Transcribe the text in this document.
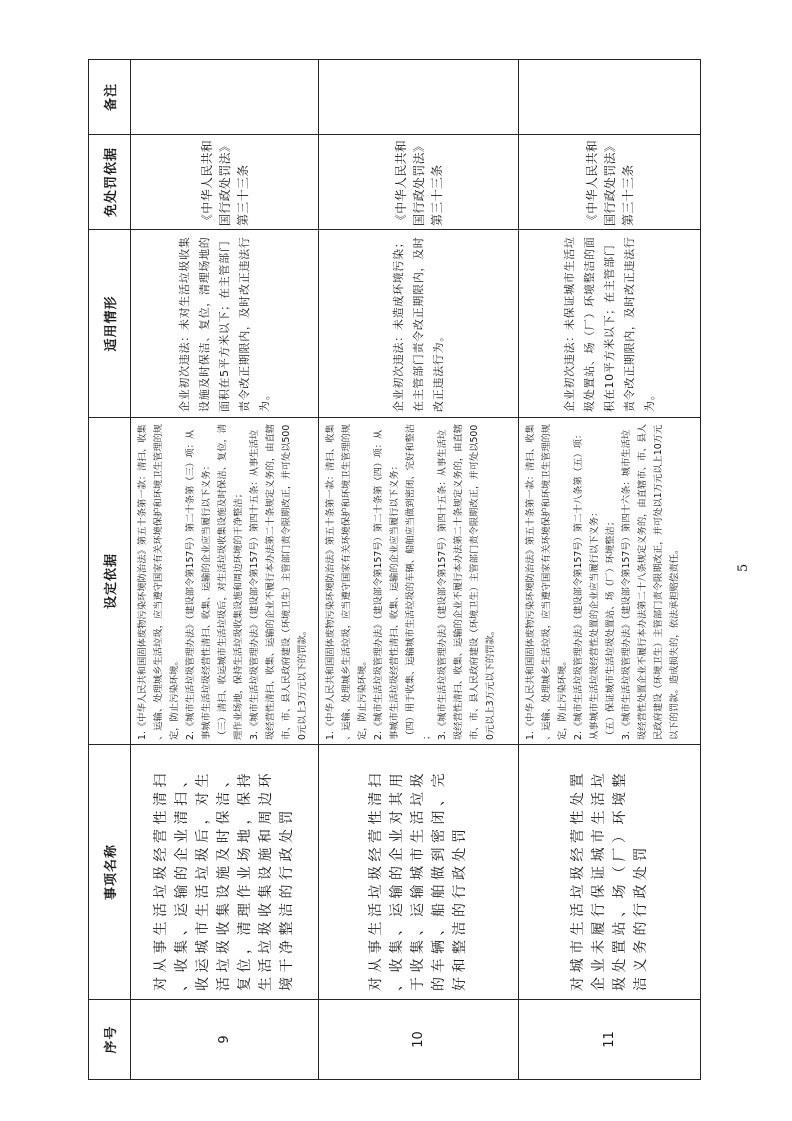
序号
事项名称
设定依据
适用情形
免处罚依据
备注
9
对从事生活垃圾经营性清扫、收集、运输的企业清扫、收运城市生活垃圾后，对生活垃圾收集设施及时保洁、复位，清理作业场地，保持生活垃圾收集设施和周边环境干净整洁的行政处罚

1.《中华人民共和国固体废物污染环境防治法》第五十条第一款：清扫、收集、运输、处理城乡生活垃圾，应当遵守国家有关环境保护和环境卫生管理的规定，防止污染环境。 2.《城市生活垃圾管理办法》（建设部令第157号）第二十条第（三）项：从事城市生活垃圾经营性清扫、收集、运输的企业应当履行以下义务： （三）清扫、收运城市生活垃圾后，对生活垃圾收集设施及时保洁、复位，清理作业场地，保持生活垃圾收集设施和周边环境的干净整洁； 3.《城市生活垃圾管理办法》（建设部令第157号）第四十五条：从事生活垃圾经营性清扫、收集、运输的企业不履行本办法第二十条规定义务的，由直辖市、市、县人民政府建设（环境卫生）主管部门责令限期改正，并可处以5000元以上3万元以下的罚款。

企业初次违法：未对生活垃圾收集设施及时保洁、复位，清理场地的面积在5平方米以下；在主管部门责令改正期限内，及时改正违法行为。
《中华人民共和国行政处罚法》第三十三条
10
对从事生活垃圾经营性清扫、收集、运输的企业对其用于收集、运输城市生活垃圾的车辆、船舶做到密闭、完好和整洁的行政处罚

1.《中华人民共和国固体废物污染环境防治法》第五十条第一款：清扫、收集、运输、处理城乡生活垃圾，应当遵守国家有关环境保护和环境卫生管理的规定，防止污染环境。 2.《城市生活垃圾管理办法》（建设部令第157号）第二十条第（四）项：从事城市生活垃圾经营性清扫、收集、运输的企业应当履行以下义务： （四）用于收集、运输城市生活垃圾的车辆、船舶应当做到密闭、完好和整洁； 3.《城市生活垃圾管理办法》（建设部令第157号）第四十五条：从事生活垃圾经营性清扫、收集、运输的企业不履行本办法第二十条规定义务的，由直辖市、市、县人民政府建设（环境卫生）主管部门责令限期改正，并可处以5000元以上3万元以下的罚款。

企业初次违法：未造成环境污染；在主管部门责令改正期限内，及时改正违法行为。
《中华人民共和国行政处罚法》第三十三条
11
对城市生活垃圾经营性处置企业未履行保证城市生活垃圾处置站、场（厂）环境整洁义务的行政处罚

1.《中华人民共和国固体废物污染环境防治法》第五十条第一款：清扫、收集、运输、处理城乡生活垃圾，应当遵守国家有关环境保护和环境卫生管理的规定，防止污染环境。 2.《城市生活垃圾管理办法》（建设部令第157号）第二十八条第（五）项：从事城市生活垃圾经营性处置的企业应当履行以下义务： （五）保证城市生活垃圾处置站、场（厂）环境整洁； 3.《城市生活垃圾管理办法》（建设部令第157号）第四十六条：城市生活垃圾经营性处置企业不履行本办法第二十八条规定义务的，由直辖市、市、县人民政府建设（环境卫生）主管部门责令限期改正，并可处以1万元以上10万元以下的罚款。造成损失的，依法承担赔偿责任。

企业初次违法：未保证城市生活垃圾处置站、场（厂）环境整洁的面积在10平方米以下；在主管部门责令改正期限内，及时改正违法行为。
《中华人民共和国行政处罚法》第三十三条
5
